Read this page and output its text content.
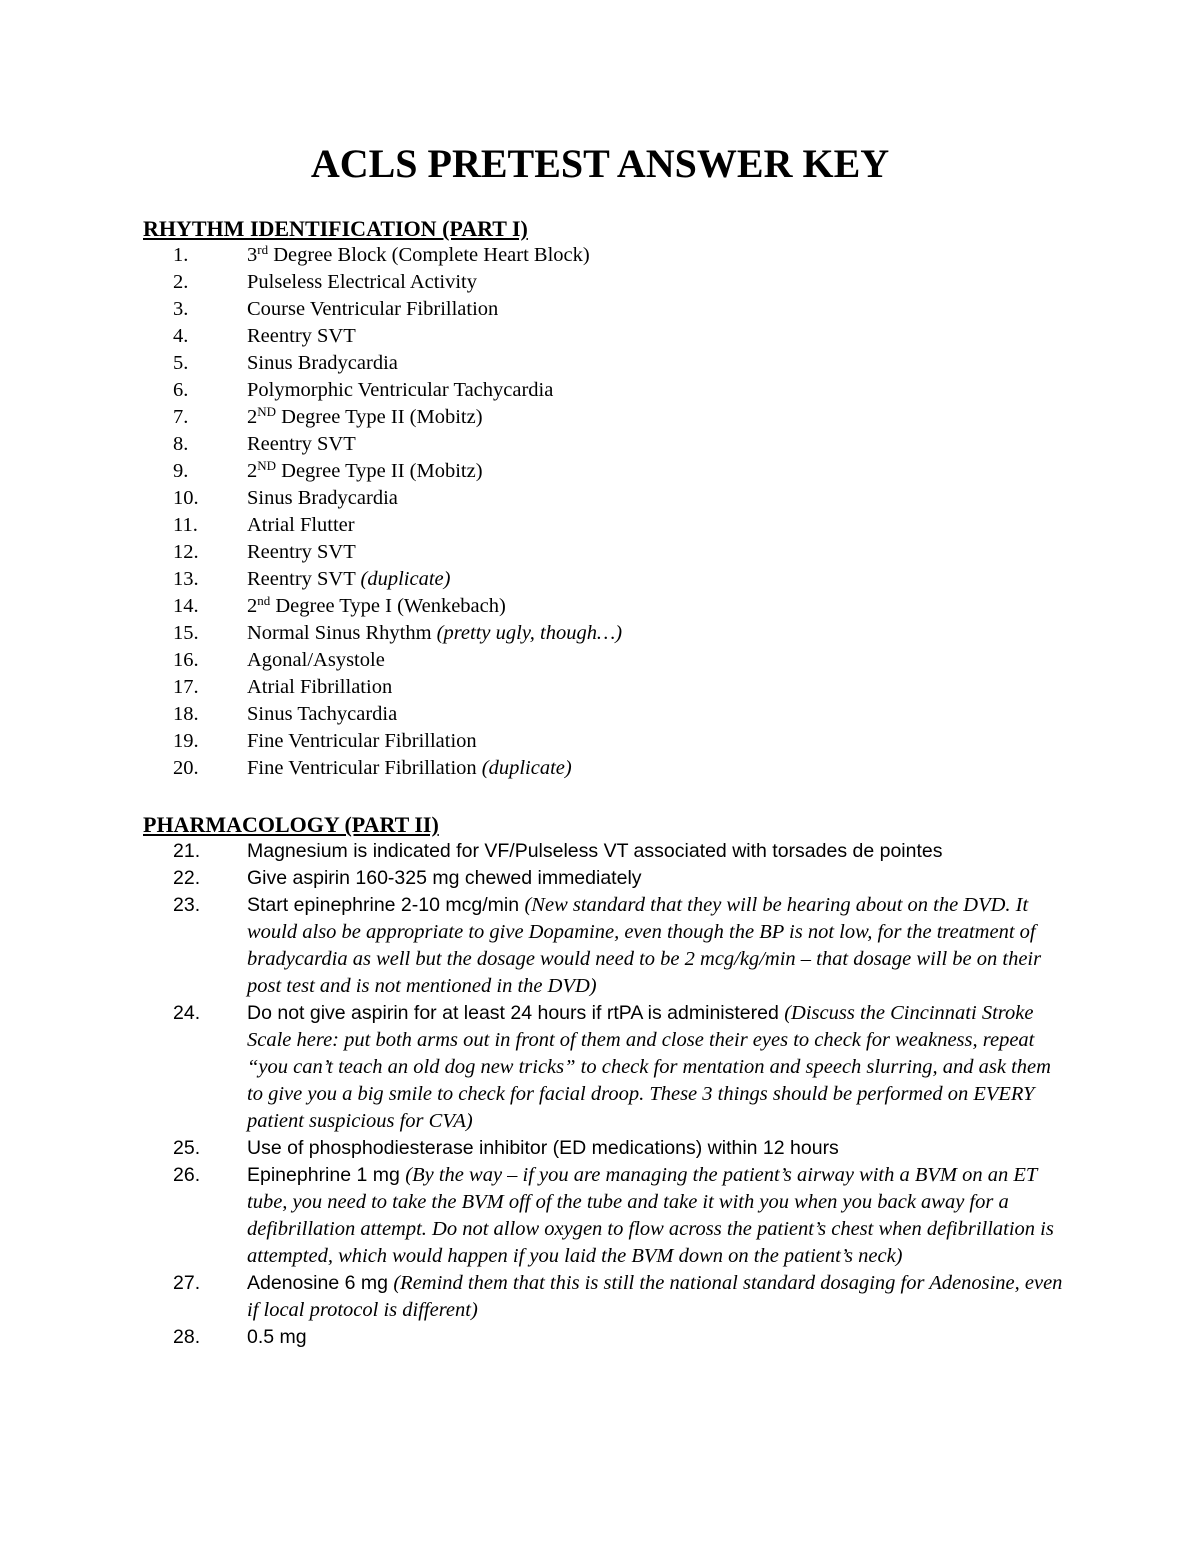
ACLS PRETEST ANSWER KEY
RHYTHM IDENTIFICATION (PART I)
1.	3rd Degree Block (Complete Heart Block)
2.	Pulseless Electrical Activity
3.	Course Ventricular Fibrillation
4.	Reentry SVT
5.	Sinus Bradycardia
6.	Polymorphic Ventricular Tachycardia
7.	2ND Degree Type II (Mobitz)
8.	Reentry SVT
9.	2ND Degree Type II (Mobitz)
10. Sinus Bradycardia
11. Atrial Flutter
12. Reentry SVT
13. Reentry SVT (duplicate)
14. 2nd Degree Type I (Wenkebach)
15. Normal Sinus Rhythm (pretty ugly, though…)
16. Agonal/Asystole
17. Atrial Fibrillation
18. Sinus Tachycardia
19. Fine Ventricular Fibrillation
20. Fine Ventricular Fibrillation (duplicate)
PHARMACOLOGY (PART II)
21. Magnesium is indicated for VF/Pulseless VT associated with torsades de pointes
22. Give aspirin 160-325 mg chewed immediately
23. Start epinephrine 2-10 mcg/min (New standard that they will be hearing about on the DVD. It would also be appropriate to give Dopamine, even though the BP is not low, for the treatment of bradycardia as well but the dosage would need to be 2 mcg/kg/min – that dosage will be on their post test and is not mentioned in the DVD)
24. Do not give aspirin for at least 24 hours if rtPA is administered (Discuss the Cincinnati Stroke Scale here: put both arms out in front of them and close their eyes to check for weakness, repeat “you can’t teach an old dog new tricks” to check for mentation and speech slurring, and ask them to give you a big smile to check for facial droop. These 3 things should be performed on EVERY patient suspicious for CVA)
25. Use of phosphodiesterase inhibitor (ED medications) within 12 hours
26. Epinephrine 1 mg (By the way – if you are managing the patient’s airway with a BVM on an ET tube, you need to take the BVM off of the tube and take it with you when you back away for a defibrillation attempt. Do not allow oxygen to flow across the patient’s chest when defibrillation is attempted, which would happen if you laid the BVM down on the patient’s neck)
27. Adenosine 6 mg (Remind them that this is still the national standard dosaging for Adenosine, even if local protocol is different)
28. 0.5 mg
